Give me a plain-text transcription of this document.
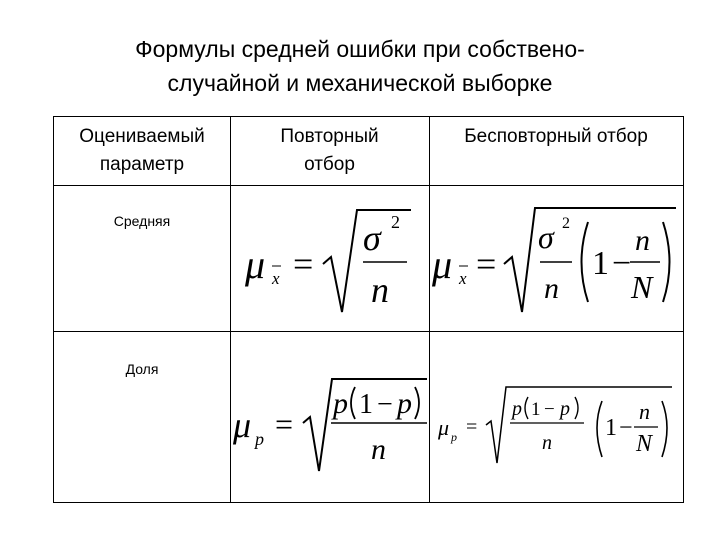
Формулы средней ошибки при собствено-
случайной и механической выборке
Оцениваемый
параметр
Повторный
отбор
Бесповторный отбор
Средняя
Доля
μ x =
σ 2
n
μ x =
σ 2
n
1 −
n
N
μ p =
p 1 − p
n
μ p =
p 1 − p
n
1 −
n
N
